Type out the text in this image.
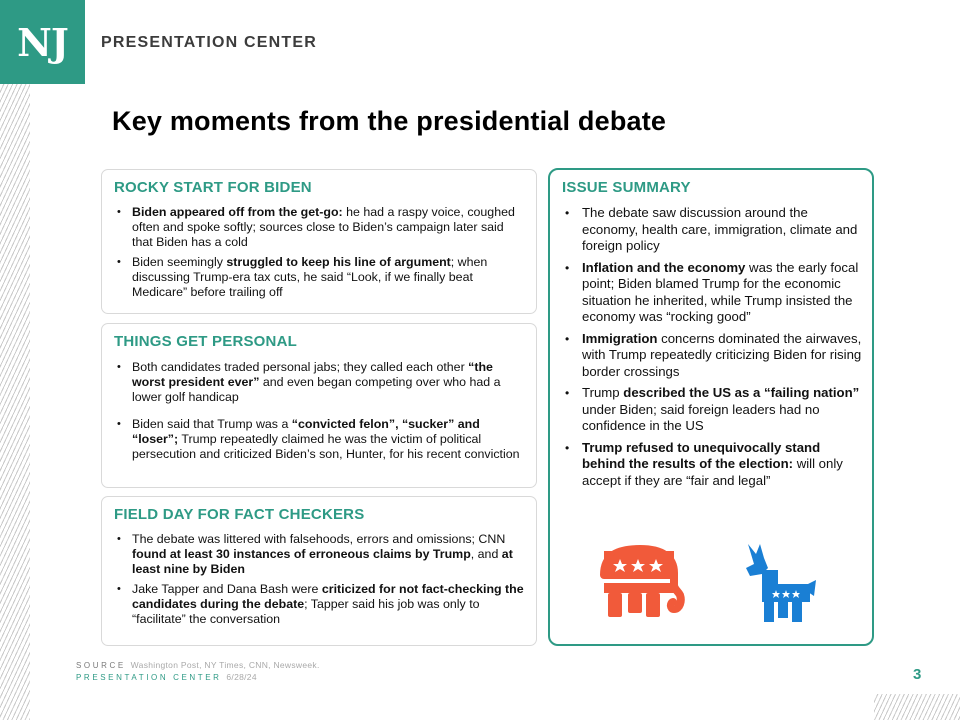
NJ PRESENTATION CENTER
Key moments from the presidential debate
ROCKY START FOR BIDEN
• Biden appeared off from the get-go: he had a raspy voice, coughed often and spoke softly; sources close to Biden’s campaign later said that Biden has a cold
• Biden seemingly struggled to keep his line of argument; when discussing Trump-era tax cuts, he said “Look, if we finally beat Medicare” before trailing off
THINGS GET PERSONAL
• Both candidates traded personal jabs; they called each other “the worst president ever” and even began competing over who had a lower golf handicap
• Biden said that Trump was a “convicted felon”, “sucker” and “loser”; Trump repeatedly claimed he was the victim of political persecution and criticized Biden’s son, Hunter, for his recent conviction
FIELD DAY FOR FACT CHECKERS
• The debate was littered with falsehoods, errors and omissions; CNN found at least 30 instances of erroneous claims by Trump, and at least nine by Biden
• Jake Tapper and Dana Bash were criticized for not fact-checking the candidates during the debate; Tapper said his job was only to “facilitate” the conversation
ISSUE SUMMARY
• The debate saw discussion around the economy, health care, immigration, climate and foreign policy
• Inflation and the economy was the early focal point; Biden blamed Trump for the economic situation he inherited, while Trump insisted the economy was “rocking good”
• Immigration concerns dominated the airwaves, with Trump repeatedly criticizing Biden for rising border crossings
• Trump described the US as a “failing nation” under Biden; said foreign leaders had no confidence in the US
• Trump refused to unequivocally stand behind the results of the election: will only accept if they are “fair and legal”
SOURCE Washington Post, NY Times, CNN, Newsweek.
PRESENTATION CENTER 6/28/24	3
